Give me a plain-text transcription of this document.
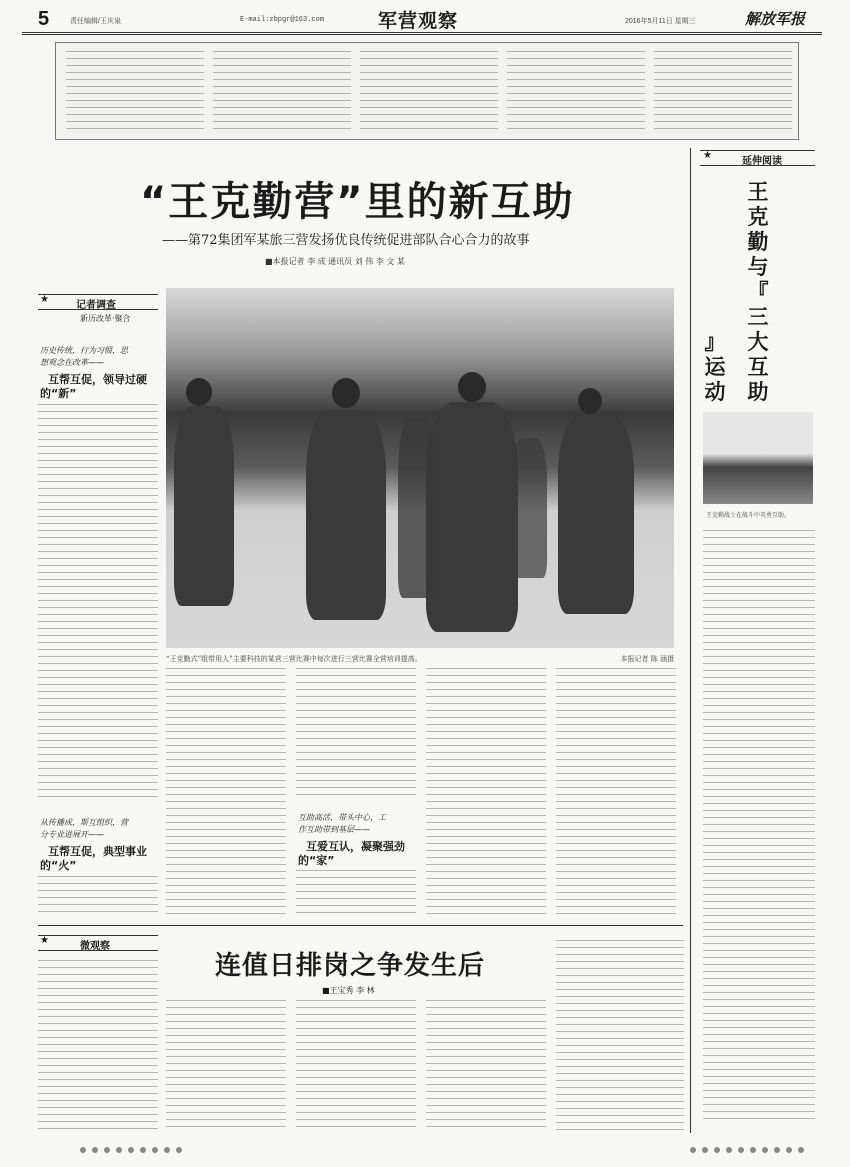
5	责任编辑/王庆泉	E-mail:zbpgr@163.com	军营观察	2016年5月11日 星期三	解放军报
“王克勤营”里的新互助
——第72集团军某旅三营发扬优良传统促进部队合心合力的故事
■本报记者 李 成 通讯员 刘 伟 李 文 某
★
记者调查
新历改革·聚合
历史传统，行为习惯，思
想观念在改革——
互帮互促，领导过硬
的“新”
从传播成，斯互组织，营
分专业进展开——
互帮互促，典型事业
的“火”
“王克勤式”组带用人”主要科技的某营三营比赛中每次进行三营比赛全营培训提高。	本报记者 陈 涵摄
互助高活，带头中心，工
作互助带到基层——
互爱互认，凝聚强劲
的“家”
★
延伸阅读
王
克
勤
与
『
三
大
互
助
』
运
动
王克勤战士在战斗中英勇互助。
★
微观察
连值日排岗之争发生后
■王宝秀 李 林
